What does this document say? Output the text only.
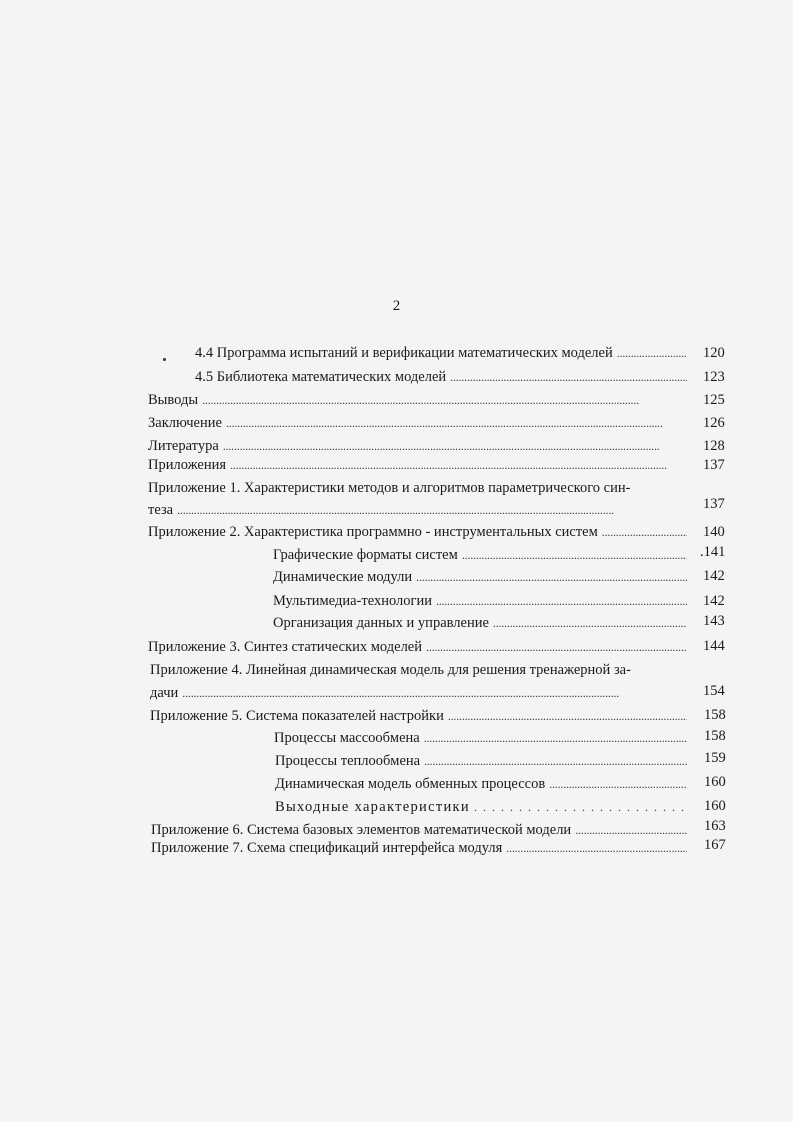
2
4.4 Программа испытаний и верификации математических моделей . . .	120
4.5 Библиотека математических моделей . . .	123
Выводы . . .	125
Заключение . . .	126
Литература . . .	128
Приложения . . .	137
Приложение 1. Характеристики методов и алгоритмов параметрического син-
теза . . .	137
Приложение 2. Характеристика программно - инструментальных систем . . .	140
Графические форматы систем . . .	.141
Динамические модули . . .	142
Мультимедиа-технологии . . .	142
Организация данных и управление . . .	143
Приложение 3. Синтез статических моделей . . .	144
Приложение 4. Линейная динамическая модель для решения тренажерной за-
дачи . . .	154
Приложение 5. Система показателей настройки . . .	158
Процессы массообмена . . .	158
Процессы теплообмена . . .	159
Динамическая модель обменных процессов . . .	160
Выходные характеристики . . .	160
Приложение 6. Система базовых элементов математической модели . . .	163
Приложение 7. Схема спецификаций интерфейса модуля . . .	167
